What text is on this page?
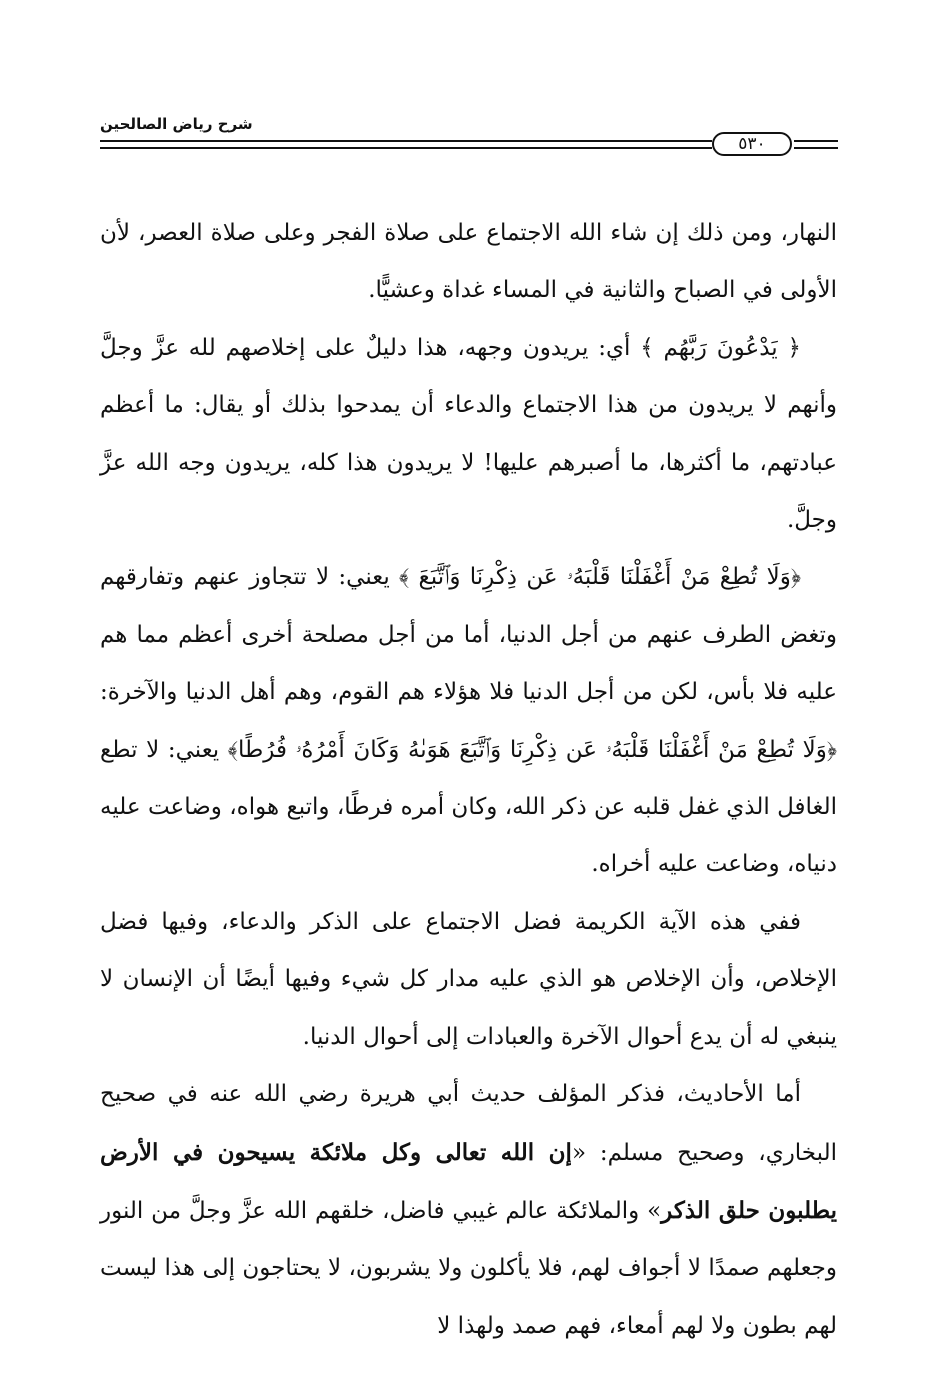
شرح رياض الصالحين
٥٣٠

النهار، ومن ذلك إن شاء الله الاجتماع على صلاة الفجر وعلى صلاة العصر، لأن الأولى في الصباح والثانية في المساء غداة وعشيًّا.

﴿ يَدْعُونَ رَبَّهُم ﴾ أي: يريدون وجهه، هذا دليلٌ على إخلاصهم لله عزَّ وجلَّ وأنهم لا يريدون من هذا الاجتماع والدعاء أن يمدحوا بذلك أو يقال: ما أعظم عبادتهم، ما أكثرها، ما أصبرهم عليها! لا يريدون هذا كله، يريدون وجه الله عزَّ وجلَّ.

﴿وَلَا تُطِعْ مَنْ أَغْفَلْنَا قَلْبَهُۥ عَن ذِكْرِنَا وَٱتَّبَعَ ﴾ يعني: لا تتجاوز عنهم وتفارقهم وتغض الطرف عنهم من أجل الدنيا، أما من أجل مصلحة أخرى أعظم مما هم عليه فلا بأس، لكن من أجل الدنيا فلا هؤلاء هم القوم، وهم أهل الدنيا والآخرة: ﴿وَلَا تُطِعْ مَنْ أَغْفَلْنَا قَلْبَهُۥ عَن ذِكْرِنَا وَٱتَّبَعَ هَوَىٰهُ وَكَانَ أَمْرُهُۥ فُرُطًا﴾ يعني: لا تطع الغافل الذي غفل قلبه عن ذكر الله، وكان أمره فرطًا، واتبع هواه، وضاعت عليه دنياه، وضاعت عليه أخراه.

ففي هذه الآية الكريمة فضل الاجتماع على الذكر والدعاء، وفيها فضل الإخلاص، وأن الإخلاص هو الذي عليه مدار كل شيء وفيها أيضًا أن الإنسان لا ينبغي له أن يدع أحوال الآخرة والعبادات إلى أحوال الدنيا.

أما الأحاديث، فذكر المؤلف حديث أبي هريرة رضي الله عنه في صحيح البخاري، وصحيح مسلم: «إن الله تعالى وكل ملائكة يسيحون في الأرض يطلبون حلق الذكر» والملائكة عالم غيبي فاضل، خلقهم الله عزَّ وجلَّ من النور وجعلهم صمدًا لا أجواف لهم، فلا يأكلون ولا يشربون، لا يحتاجون إلى هذا ليست لهم بطون ولا لهم أمعاء، فهم صمد ولهذا لا
